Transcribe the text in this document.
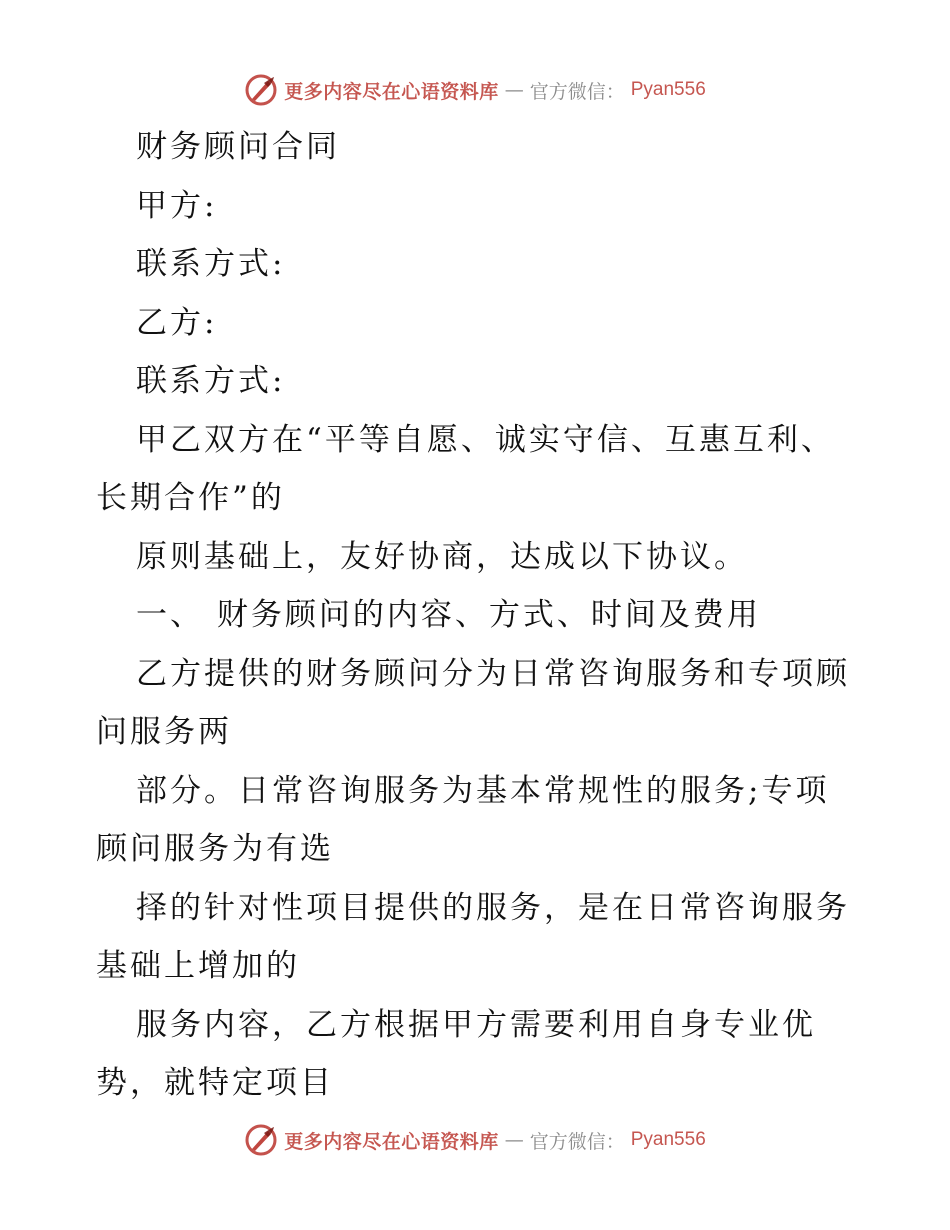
更多内容尽在心语资料库 — 官方微信： Pyan556
财务顾问合同
甲方:
联系方式:
乙方:
联系方式:
甲乙双方在“平等自愿、诚实守信、互惠互利、
长期合作”的
原则基础上，友好协商，达成以下协议。
一、 财务顾问的内容、方式、时间及费用
乙方提供的财务顾问分为日常咨询服务和专项顾
问服务两
部分。日常咨询服务为基本常规性的服务;专项
顾问服务为有选
择的针对性项目提供的服务，是在日常咨询服务
基础上增加的
服务内容，乙方根据甲方需要利用自身专业优
势，就特定项目
更多内容尽在心语资料库 — 官方微信： Pyan556
